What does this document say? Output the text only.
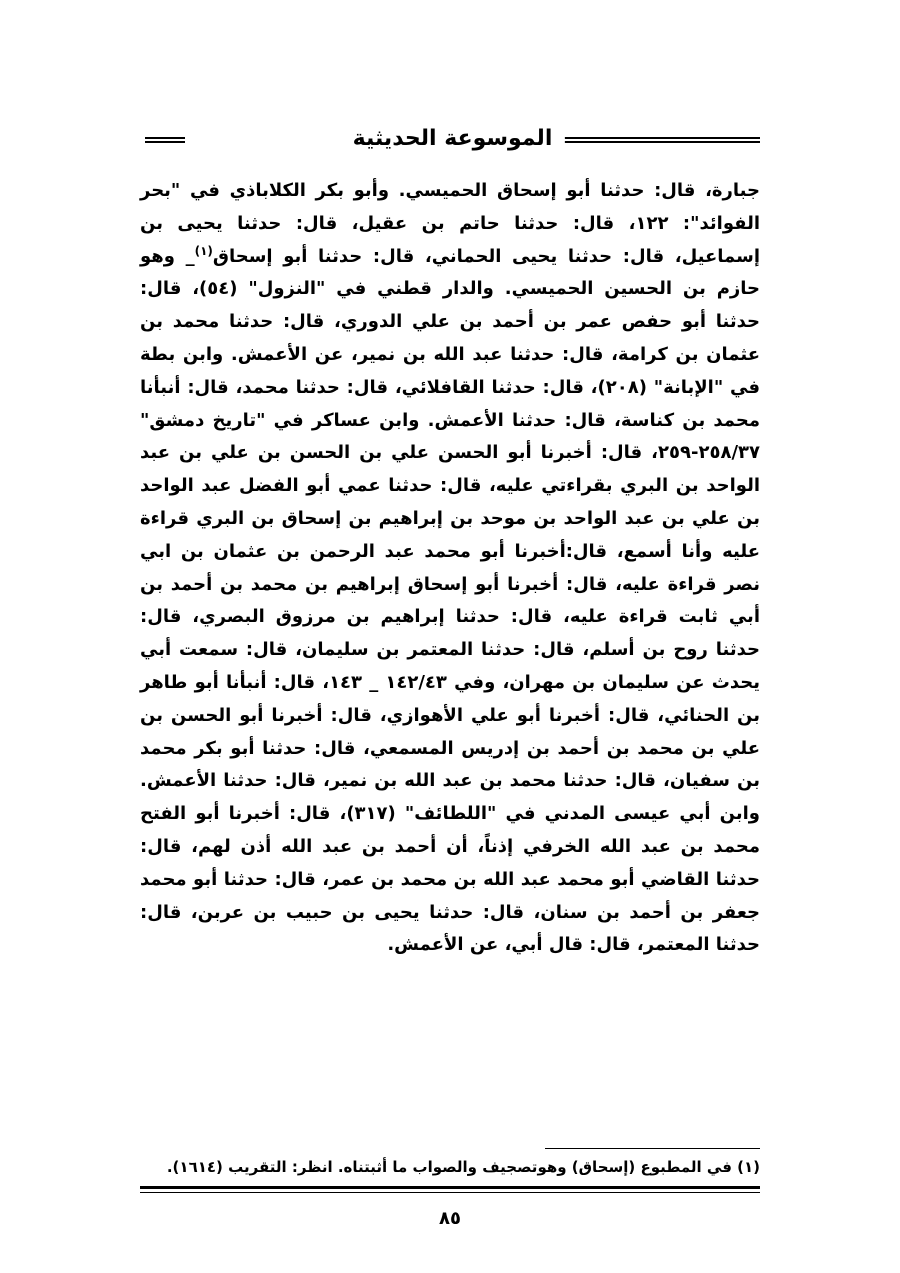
الموسوعة الحديثية

جبارة، قال: حدثنا أبو إسحاق الحميسي. وأبو بكر الكلاباذي في "بحر الفوائد": ١٢٢، قال: حدثنا حاتم بن عقيل، قال: حدثنا يحيى بن إسماعيل، قال: حدثنا يحيى الحماني، قال: حدثنا أبو إسحاق$^{(١)}$_ وهو حازم بن الحسين الحميسي. والدار قطني في "النزول" (٥٤)، قال: حدثنا أبو حفص عمر بن أحمد بن علي الدوري، قال: حدثنا محمد بن عثمان بن كرامة، قال: حدثنا عبد الله بن نمير، عن الأعمش. وابن بطة في "الإبانة" (٢٠٨)، قال: حدثنا القافلائي، قال: حدثنا محمد، قال: أنبأنا محمد بن كناسة، قال: حدثنا الأعمش. وابن عساكر في "تاريخ دمشق" ٢٥٨/٣٧-٢٥٩، قال: أخبرنا أبو الحسن علي بن الحسن بن علي بن عبد الواحد بن البري بقراءتي عليه، قال: حدثنا عمي أبو الفضل عبد الواحد بن علي بن عبد الواحد بن موحد بن إبراهيم بن إسحاق بن البري قراءة عليه وأنا أسمع، قال:أخبرنا أبو محمد عبد الرحمن بن عثمان بن ابي نصر قراءة عليه، قال: أخبرنا أبو إسحاق إبراهيم بن محمد بن أحمد بن أبي ثابت قراءة عليه، قال: حدثنا إبراهيم بن مرزوق البصري، قال: حدثنا روح بن أسلم، قال: حدثنا المعتمر بن سليمان، قال: سمعت أبي يحدث عن سليمان بن مهران، وفي ١٤٢/٤٣ _ ١٤٣، قال: أنبأنا أبو طاهر بن الحنائي، قال: أخبرنا أبو علي الأهوازي، قال: أخبرنا أبو الحسن بن علي بن محمد بن أحمد بن إدريس المسمعي، قال: حدثنا أبو بكر محمد بن سفيان، قال: حدثنا محمد بن عبد الله بن نمير، قال: حدثنا الأعمش. وابن أبي عيسى المدني في "اللطائف" (٣١٧)، قال: أخبرنا أبو الفتح محمد بن عبد الله الخرفي إذناً، أن أحمد بن عبد الله أذن لهم، قال: حدثنا القاضي أبو محمد عبد الله بن محمد بن عمر، قال: حدثنا أبو محمد جعفر بن أحمد بن سنان، قال: حدثنا يحيى بن حبيب بن عربن، قال: حدثنا المعتمر، قال: قال أبي، عن الأعمش.

(١) في المطبوع (إسحاق) وهوتصجيف والصواب ما أثبتناه. انظر: التقريب (١٦١٤).
٨٥
